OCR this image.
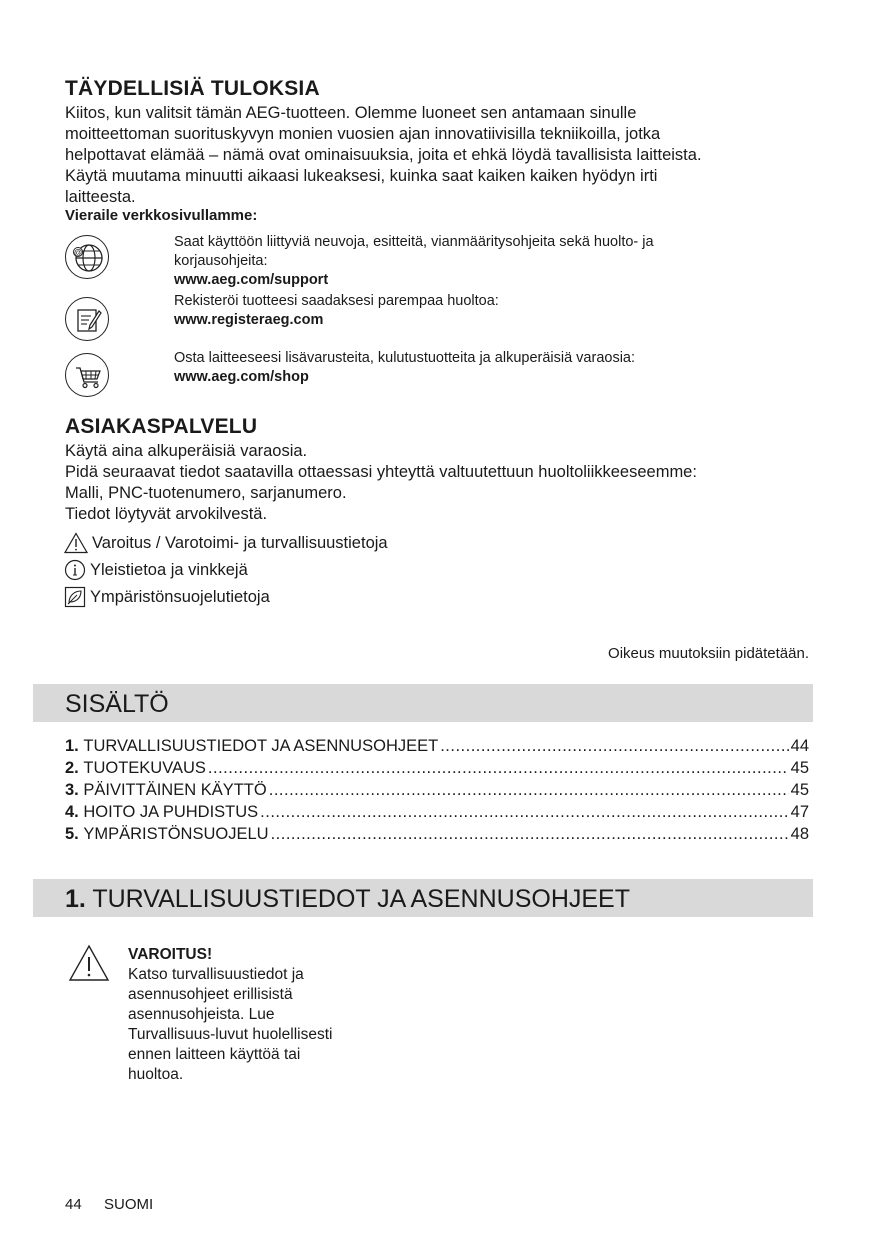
TÄYDELLISIÄ TULOKSIA
Kiitos, kun valitsit tämän AEG-tuotteen. Olemme luoneet sen antamaan sinulle
moitteettoman suorituskyvyn monien vuosien ajan innovatiivisilla tekniikoilla, jotka
helpottavat elämää – nämä ovat ominaisuuksia, joita et ehkä löydä tavallisista laitteista.
Käytä muutama minuutti aikaasi lukeaksesi, kuinka saat kaiken kaiken hyödyn irti
laitteesta.
Vieraile verkkosivullamme:
@
Saat käyttöön liittyviä neuvoja, esitteitä, vianmääritysohjeita sekä huolto- ja
korjausohjeita:
www.aeg.com/support
Rekisteröi tuotteesi saadaksesi parempaa huoltoa:
www.registeraeg.com
Osta laitteeseesi lisävarusteita, kulutustuotteita ja alkuperäisiä varaosia:
www.aeg.com/shop
ASIAKASPALVELU
Käytä aina alkuperäisiä varaosia.
Pidä seuraavat tiedot saatavilla ottaessasi yhteyttä valtuutettuun huoltoliikkeeseemme:
Malli, PNC-tuotenumero, sarjanumero.
Tiedot löytyvät arvokilvestä.
Varoitus / Varotoimi- ja turvallisuustietoja
Yleistietoa ja vinkkejä
Ympäristönsuojelutietoja
Oikeus muutoksiin pidätetään.
SISÄLTÖ
1.
TURVALLISUUSTIEDOT JA ASENNUSOHJEET .....	44
2.
TUOTEKUVAUS .....	45
3.
PÄIVITTÄINEN KÄYTTÖ .....	45
4.
HOITO JA PUHDISTUS .....	47
5.
YMPÄRISTÖNSUOJELU .....	48
1. TURVALLISUUSTIEDOT JA ASENNUSOHJEET
VAROITUS!
Katso turvallisuustiedot ja
asennusohjeet erillisistä
asennusohjeista. Lue
Turvallisuus-luvut huolellisesti
ennen laitteen käyttöä tai
huoltoa.
44 SUOMI
